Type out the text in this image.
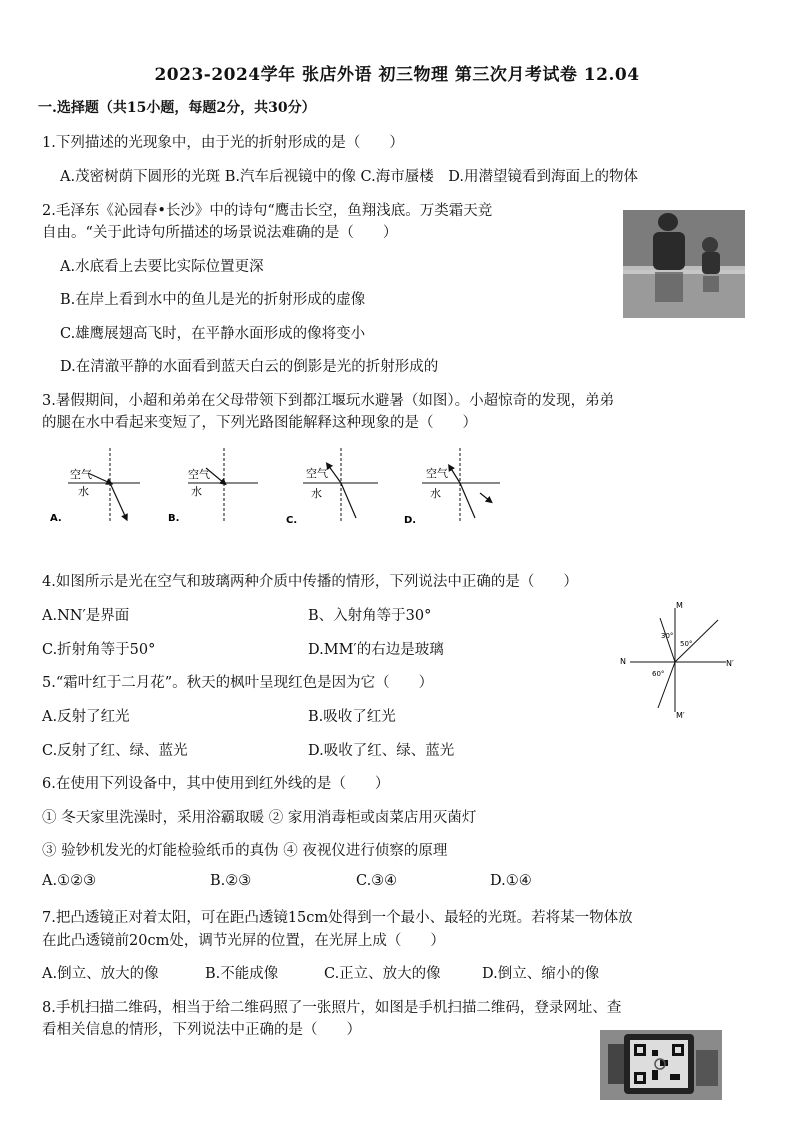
2023-2024学年 张店外语 初三物理 第三次月考试卷 12.04
一.选择题（共15小题，每题2分，共30分）
1.下列描述的光现象中，由于光的折射形成的是（　　）
A.茂密树荫下圆形的光斑 B.汽车后视镜中的像 C.海市蜃楼　D.用潜望镜看到海面上的物体
2.毛泽东《沁园春•长沙》中的诗句“鹰击长空，鱼翔浅底。万类霜天竞
自由。“关于此诗句所描述的场景说法难确的是（　　）
A.水底看上去要比实际位置更深
B.在岸上看到水中的鱼儿是光的折射形成的虚像
C.雄鹰展翅高飞时，在平静水面形成的像将变小
D.在清澈平静的水面看到蓝天白云的倒影是光的折射形成的
3.暑假期间，小超和弟弟在父母带领下到都江堰玩水避暑（如图）。小超惊奇的发现，弟弟
的腿在水中看起来变短了，下列光路图能解释这种现象的是（　　）
空气
水
A.
空气
水
B.
空气
水
C.
空气
水
D.
4.如图所示是光在空气和玻璃两种介质中传播的情形，下列说法中正确的是（　　）
A.NN′是界面	B、入射角等于30°
C.折射角等于50°	D.MM′的右边是玻璃
M
M′
N	N′
30°
50°
60°
5.“霜叶红于二月花”。秋天的枫叶呈现红色是因为它（　　）
A.反射了红光	B.吸收了红光
C.反射了红、绿、蓝光	D.吸收了红、绿、蓝光
6.在使用下列设备中，其中使用到红外线的是（　　）
① 冬天家里洗澡时，采用浴霸取暖 ② 家用消毒柜或卤菜店用灭菌灯
③ 验钞机发光的灯能检验纸币的真伪 ④ 夜视仪进行侦察的原理
A.①②③	B.②③	C.③④	D.①④
7.把凸透镜正对着太阳，可在距凸透镜15cm处得到一个最小、最轻的光斑。若将某一物体放
在此凸透镜前20cm处，调节光屏的位置，在光屏上成（　　）
A.倒立、放大的像	B.不能成像	C.正立、放大的像	D.倒立、缩小的像
8.手机扫描二维码，相当于给二维码照了一张照片，如图是手机扫描二维码，登录网址、查
看相关信息的情形，下列说法中正确的是（　　）
